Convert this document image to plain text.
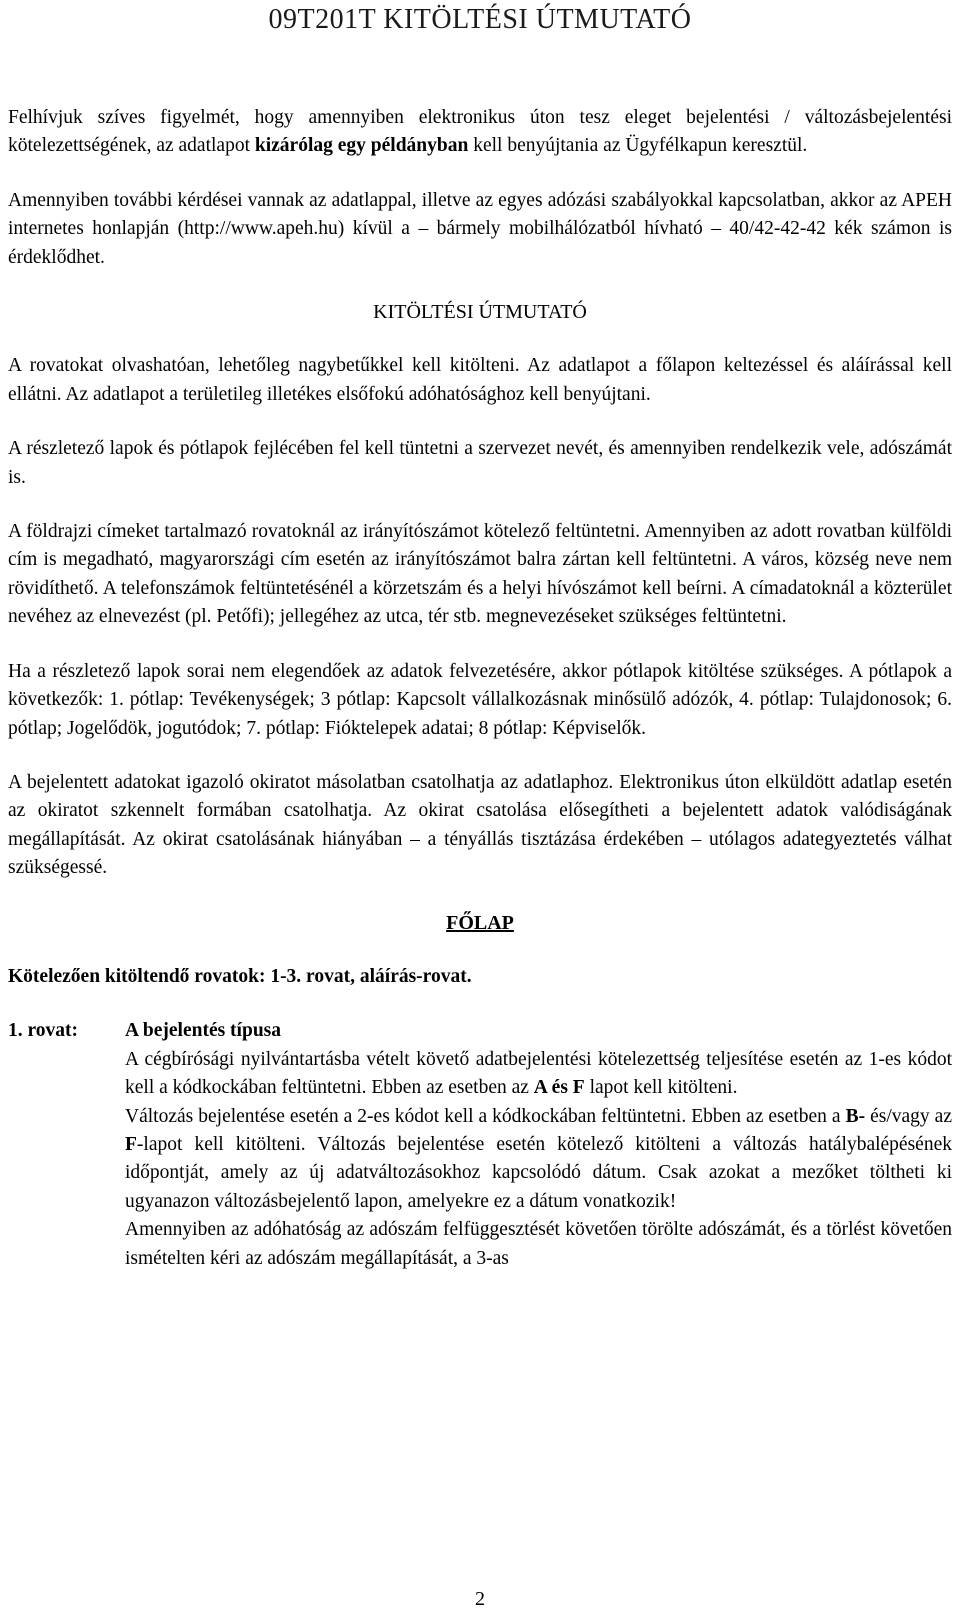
09T201T KITÖLTÉSI ÚTMUTATÓ

Felhívjuk szíves figyelmét, hogy amennyiben elektronikus úton tesz eleget bejelentési / változásbejelentési kötelezettségének, az adatlapot kizárólag egy példányban kell benyújtania az Ügyfélkapun keresztül.

Amennyiben további kérdései vannak az adatlappal, illetve az egyes adózási szabályokkal kapcsolatban, akkor az APEH internetes honlapján (http://www.apeh.hu) kívül a – bármely mobilhálózatból hívható – 40/42-42-42 kék számon is érdeklődhet.

KITÖLTÉSI ÚTMUTATÓ

A rovatokat olvashatóan, lehetőleg nagybetűkkel kell kitölteni. Az adatlapot a főlapon keltezéssel és aláírással kell ellátni. Az adatlapot a területileg illetékes elsőfokú adóhatósághoz kell benyújtani.

A részletező lapok és pótlapok fejlécében fel kell tüntetni a szervezet nevét, és amennyiben rendelkezik vele, adószámát is.

A földrajzi címeket tartalmazó rovatoknál az irányítószámot kötelező feltüntetni. Amennyiben az adott rovatban külföldi cím is megadható, magyarországi cím esetén az irányítószámot balra zártan kell feltüntetni. A város, község neve nem rövidíthető. A telefonszámok feltüntetésénél a körzetszám és a helyi hívószámot kell beírni. A címadatoknál a közterület nevéhez az elnevezést (pl. Petőfi); jellegéhez az utca, tér stb. megnevezéseket szükséges feltüntetni.

Ha a részletező lapok sorai nem elegendőek az adatok felvezetésére, akkor pótlapok kitöltése szükséges. A pótlapok a következők: 1. pótlap: Tevékenységek; 3 pótlap: Kapcsolt vállalkozásnak minősülő adózók, 4. pótlap: Tulajdonosok; 6. pótlap; Jogelődök, jogutódok; 7. pótlap: Fióktelepek adatai; 8 pótlap: Képviselők.

A bejelentett adatokat igazoló okiratot másolatban csatolhatja az adatlaphoz. Elektronikus úton elküldött adatlap esetén az okiratot szkennelt formában csatolhatja. Az okirat csatolása elősegítheti a bejelentett adatok valódiságának megállapítását. Az okirat csatolásának hiányában – a tényállás tisztázása érdekében – utólagos adategyeztetés válhat szükségessé.

FŐLAP
Kötelezően kitöltendő rovatok: 1-3. rovat, aláírás-rovat.
1. rovat:	A bejelentés típusa

A cégbírósági nyilvántartásba vételt követő adatbejelentési kötelezettség teljesítése esetén az 1-es kódot kell a kódkockában feltüntetni. Ebben az esetben az A és F lapot kell kitölteni.

Változás bejelentése esetén a 2-es kódot kell a kódkockában feltüntetni. Ebben az esetben a B- és/vagy az F-lapot kell kitölteni. Változás bejelentése esetén kötelező kitölteni a változás hatálybalépésének időpontját, amely az új adatváltozásokhoz kapcsolódó dátum. Csak azokat a mezőket töltheti ki ugyanazon változásbejelentő lapon, amelyekre ez a dátum vonatkozik!

Amennyiben az adóhatóság az adószám felfüggesztését követően törölte adószámát, és a törlést követően ismételten kéri az adószám megállapítását, a 3-as

2
